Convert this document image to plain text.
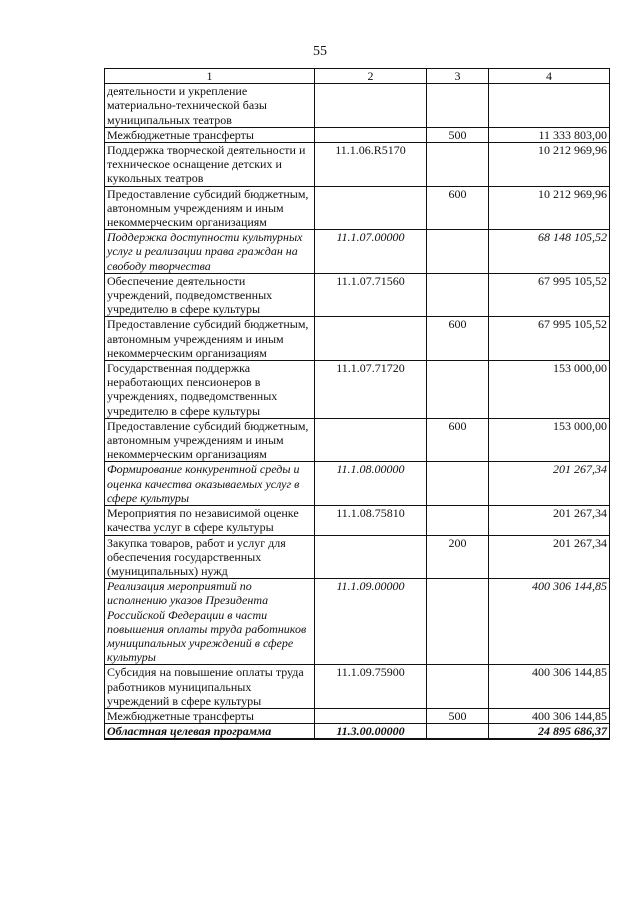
55
1	2	3	4
деятельности и укрепление материально-технической базы муниципальных театров			
Межбюджетные трансферты		500	11 333 803,00
Поддержка творческой деятельности и техническое оснащение детских и кукольных театров	11.1.06.R5170		10 212 969,96
Предоставление субсидий бюджетным, автономным учреждениям и иным некоммерческим организациям		600	10 212 969,96
Поддержка доступности культурных услуг и реализации права граждан на свободу творчества	11.1.07.00000		68 148 105,52
Обеспечение деятельности учреждений, подведомственных учредителю в сфере культуры	11.1.07.71560		67 995 105,52
Предоставление субсидий бюджетным, автономным учреждениям и иным некоммерческим организациям		600	67 995 105,52
Государственная поддержка неработающих пенсионеров в учреждениях, подведомственных учредителю в сфере культуры	11.1.07.71720		153 000,00
Предоставление субсидий бюджетным, автономным учреждениям и иным некоммерческим организациям		600	153 000,00
Формирование конкурентной среды и оценка качества оказываемых услуг в сфере культуры	11.1.08.00000		201 267,34
Мероприятия по независимой оценке качества услуг в сфере культуры	11.1.08.75810		201 267,34
Закупка товаров, работ и услуг для обеспечения государственных (муниципальных) нужд		200	201 267,34
Реализация мероприятий по исполнению указов Президента Российской Федерации в части повышения оплаты труда работников муниципальных учреждений в сфере культуры	11.1.09.00000		400 306 144,85
Субсидия на повышение оплаты труда работников муниципальных учреждений в сфере культуры	11.1.09.75900		400 306 144,85
Межбюджетные трансферты		500	400 306 144,85
Областная целевая программа	11.3.00.00000		24 895 686,37
